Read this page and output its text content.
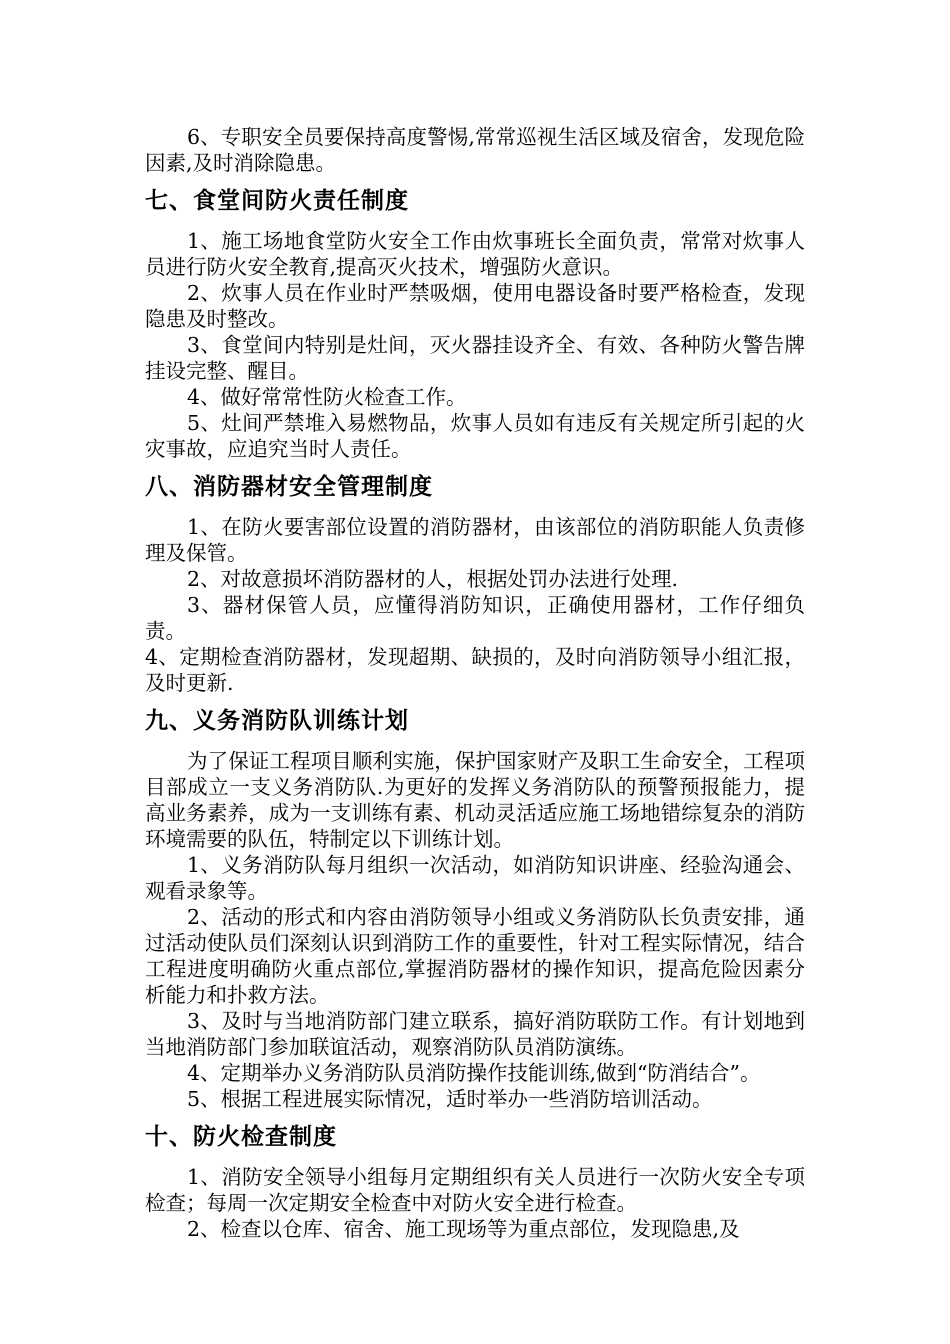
6、专职安全员要保持高度警惕,常常巡视生活区域及宿舍，发现危险因素,及时消除隐患。

七、食堂间防火责任制度

1、施工场地食堂防火安全工作由炊事班长全面负责，常常对炊事人员进行防火安全教育,提高灭火技术，增强防火意识。

2、炊事人员在作业时严禁吸烟，使用电器设备时要严格检查，发现隐患及时整改。

3、食堂间内特别是灶间，灭火器挂设齐全、有效、各种防火警告牌挂设完整、醒目。

4、做好常常性防火检查工作。

5、灶间严禁堆入易燃物品，炊事人员如有违反有关规定所引起的火灾事故，应追究当时人责任。

八、消防器材安全管理制度

1、在防火要害部位设置的消防器材，由该部位的消防职能人负责修理及保管。

2、对故意损坏消防器材的人，根据处罚办法进行处理.

3、器材保管人员，应懂得消防知识，正确使用器材，工作仔细负责。

4、定期检查消防器材，发现超期、缺损的，及时向消防领导小组汇报，及时更新.

九、义务消防队训练计划

为了保证工程项目顺利实施，保护国家财产及职工生命安全，工程项目部成立一支义务消防队.为更好的发挥义务消防队的预警预报能力，提高业务素养，成为一支训练有素、机动灵活适应施工场地错综复杂的消防环境需要的队伍，特制定以下训练计划。

1、义务消防队每月组织一次活动，如消防知识讲座、经验沟通会、观看录象等。

2、活动的形式和内容由消防领导小组或义务消防队长负责安排，通过活动使队员们深刻认识到消防工作的重要性，针对工程实际情况，结合工程进度明确防火重点部位,掌握消防器材的操作知识，提高危险因素分析能力和扑救方法。

3、及时与当地消防部门建立联系，搞好消防联防工作。有计划地到当地消防部门参加联谊活动，观察消防队员消防演练。

4、定期举办义务消防队员消防操作技能训练,做到“防消结合”。

5、根据工程进展实际情况，适时举办一些消防培训活动。

十、防火检查制度

1、消防安全领导小组每月定期组织有关人员进行一次防火安全专项检查；每周一次定期安全检查中对防火安全进行检查。

2、检查以仓库、宿舍、施工现场等为重点部位，发现隐患,及
